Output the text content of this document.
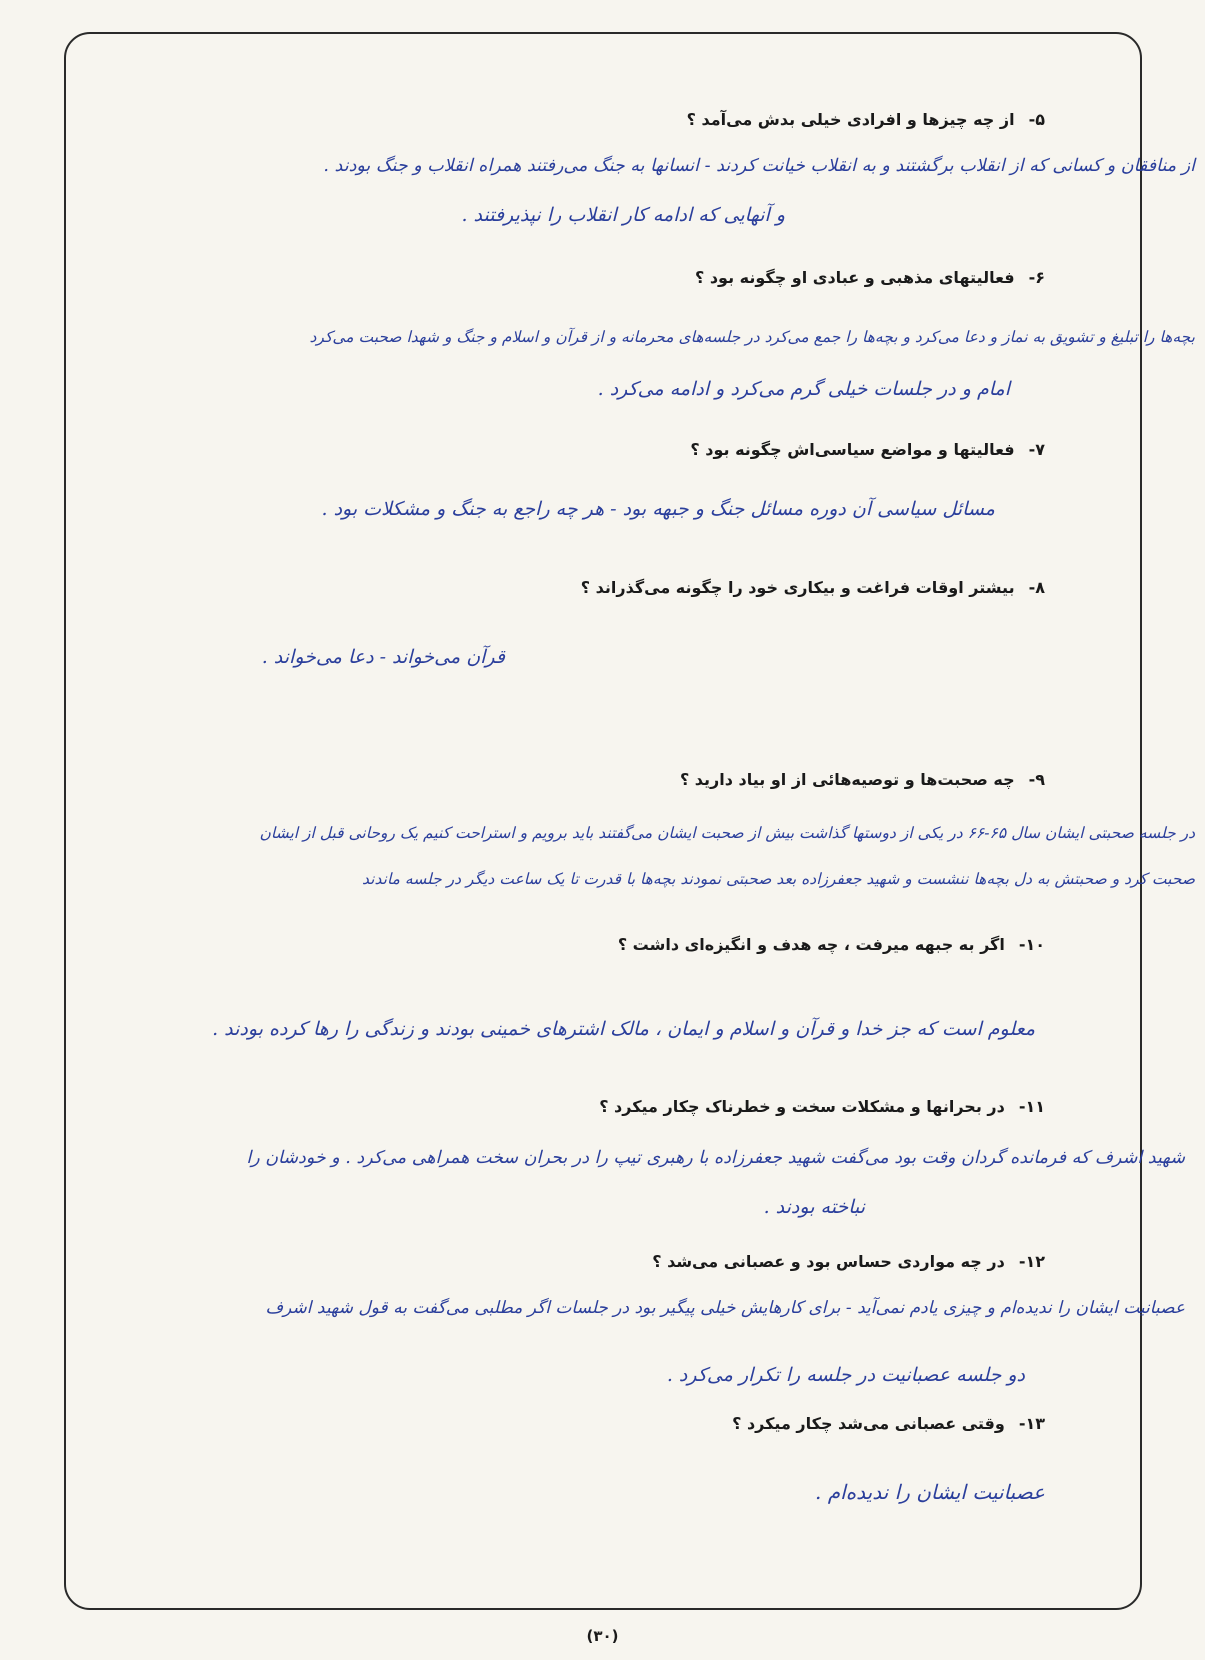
۵-از چه چیزها و افرادی خیلی بدش می‌آمد ؟
از منافقان و کسانی که از انقلاب برگشتند و به انقلاب خیانت کردند - انسانها به جنگ می‌رفتند همراه انقلاب و جنگ بودند .
و آنهایی که ادامه کار انقلاب را نپذیرفتند .
۶-فعالیتهای مذهبی و عبادی او چگونه بود ؟
بچه‌ها را تبلیغ و تشویق به نماز و دعا می‌کرد و بچه‌ها را جمع می‌کرد در جلسه‌های محرمانه و از قرآن و اسلام و جنگ و شهدا صحبت می‌کرد
امام و در جلسات خیلی گرم می‌کرد و ادامه می‌کرد .
۷-فعالیتها و مواضع سیاسی‌اش چگونه بود ؟
مسائل سیاسی آن دوره مسائل جنگ و جبهه بود - هر چه راجع به جنگ و مشکلات بود .
۸-بیشتر اوقات فراغت و بیکاری خود را چگونه می‌گذراند ؟
قرآن می‌خواند - دعا می‌خواند .
۹-چه صحبت‌ها و توصیه‌هائی از او بیاد دارید ؟
در جلسه صحبتی ایشان سال ۶۵-۶۶ در یکی از دوستها گذاشت بیش از صحبت ایشان می‌گفتند باید برویم و استراحت کنیم یک روحانی قبل از ایشان
صحبت کرد و صحبتش به دل بچه‌ها ننشست و شهید جعفرزاده بعد صحبتی نمودند بچه‌ها با قدرت تا یک ساعت دیگر در جلسه ماندند
۱۰-اگر به جبهه میرفت ، چه هدف و انگیزه‌ای داشت ؟
معلوم است که جز خدا و قرآن و اسلام و ایمان ، مالک اشترهای خمینی بودند و زندگی را رها کرده بودند .
۱۱-در بحرانها و مشکلات سخت و خطرناک چکار میکرد ؟
شهید اشرف که فرمانده گردان وقت بود می‌گفت شهید جعفرزاده با رهبری تیپ را در بحران سخت همراهی می‌کرد . و خودشان را
نباخته بودند .
۱۲-در چه مواردی حساس بود و عصبانی می‌شد ؟
عصبانیت ایشان را ندیده‌ام و چیزی یادم نمی‌آید - برای کارهایش خیلی پیگیر بود در جلسات اگر مطلبی می‌گفت به قول شهید اشرف
دو جلسه عصبانیت در جلسه را تکرار می‌کرد .
۱۳-وقتی عصبانی می‌شد چکار میکرد ؟
عصبانیت ایشان را ندیده‌ام .
(۳۰)
